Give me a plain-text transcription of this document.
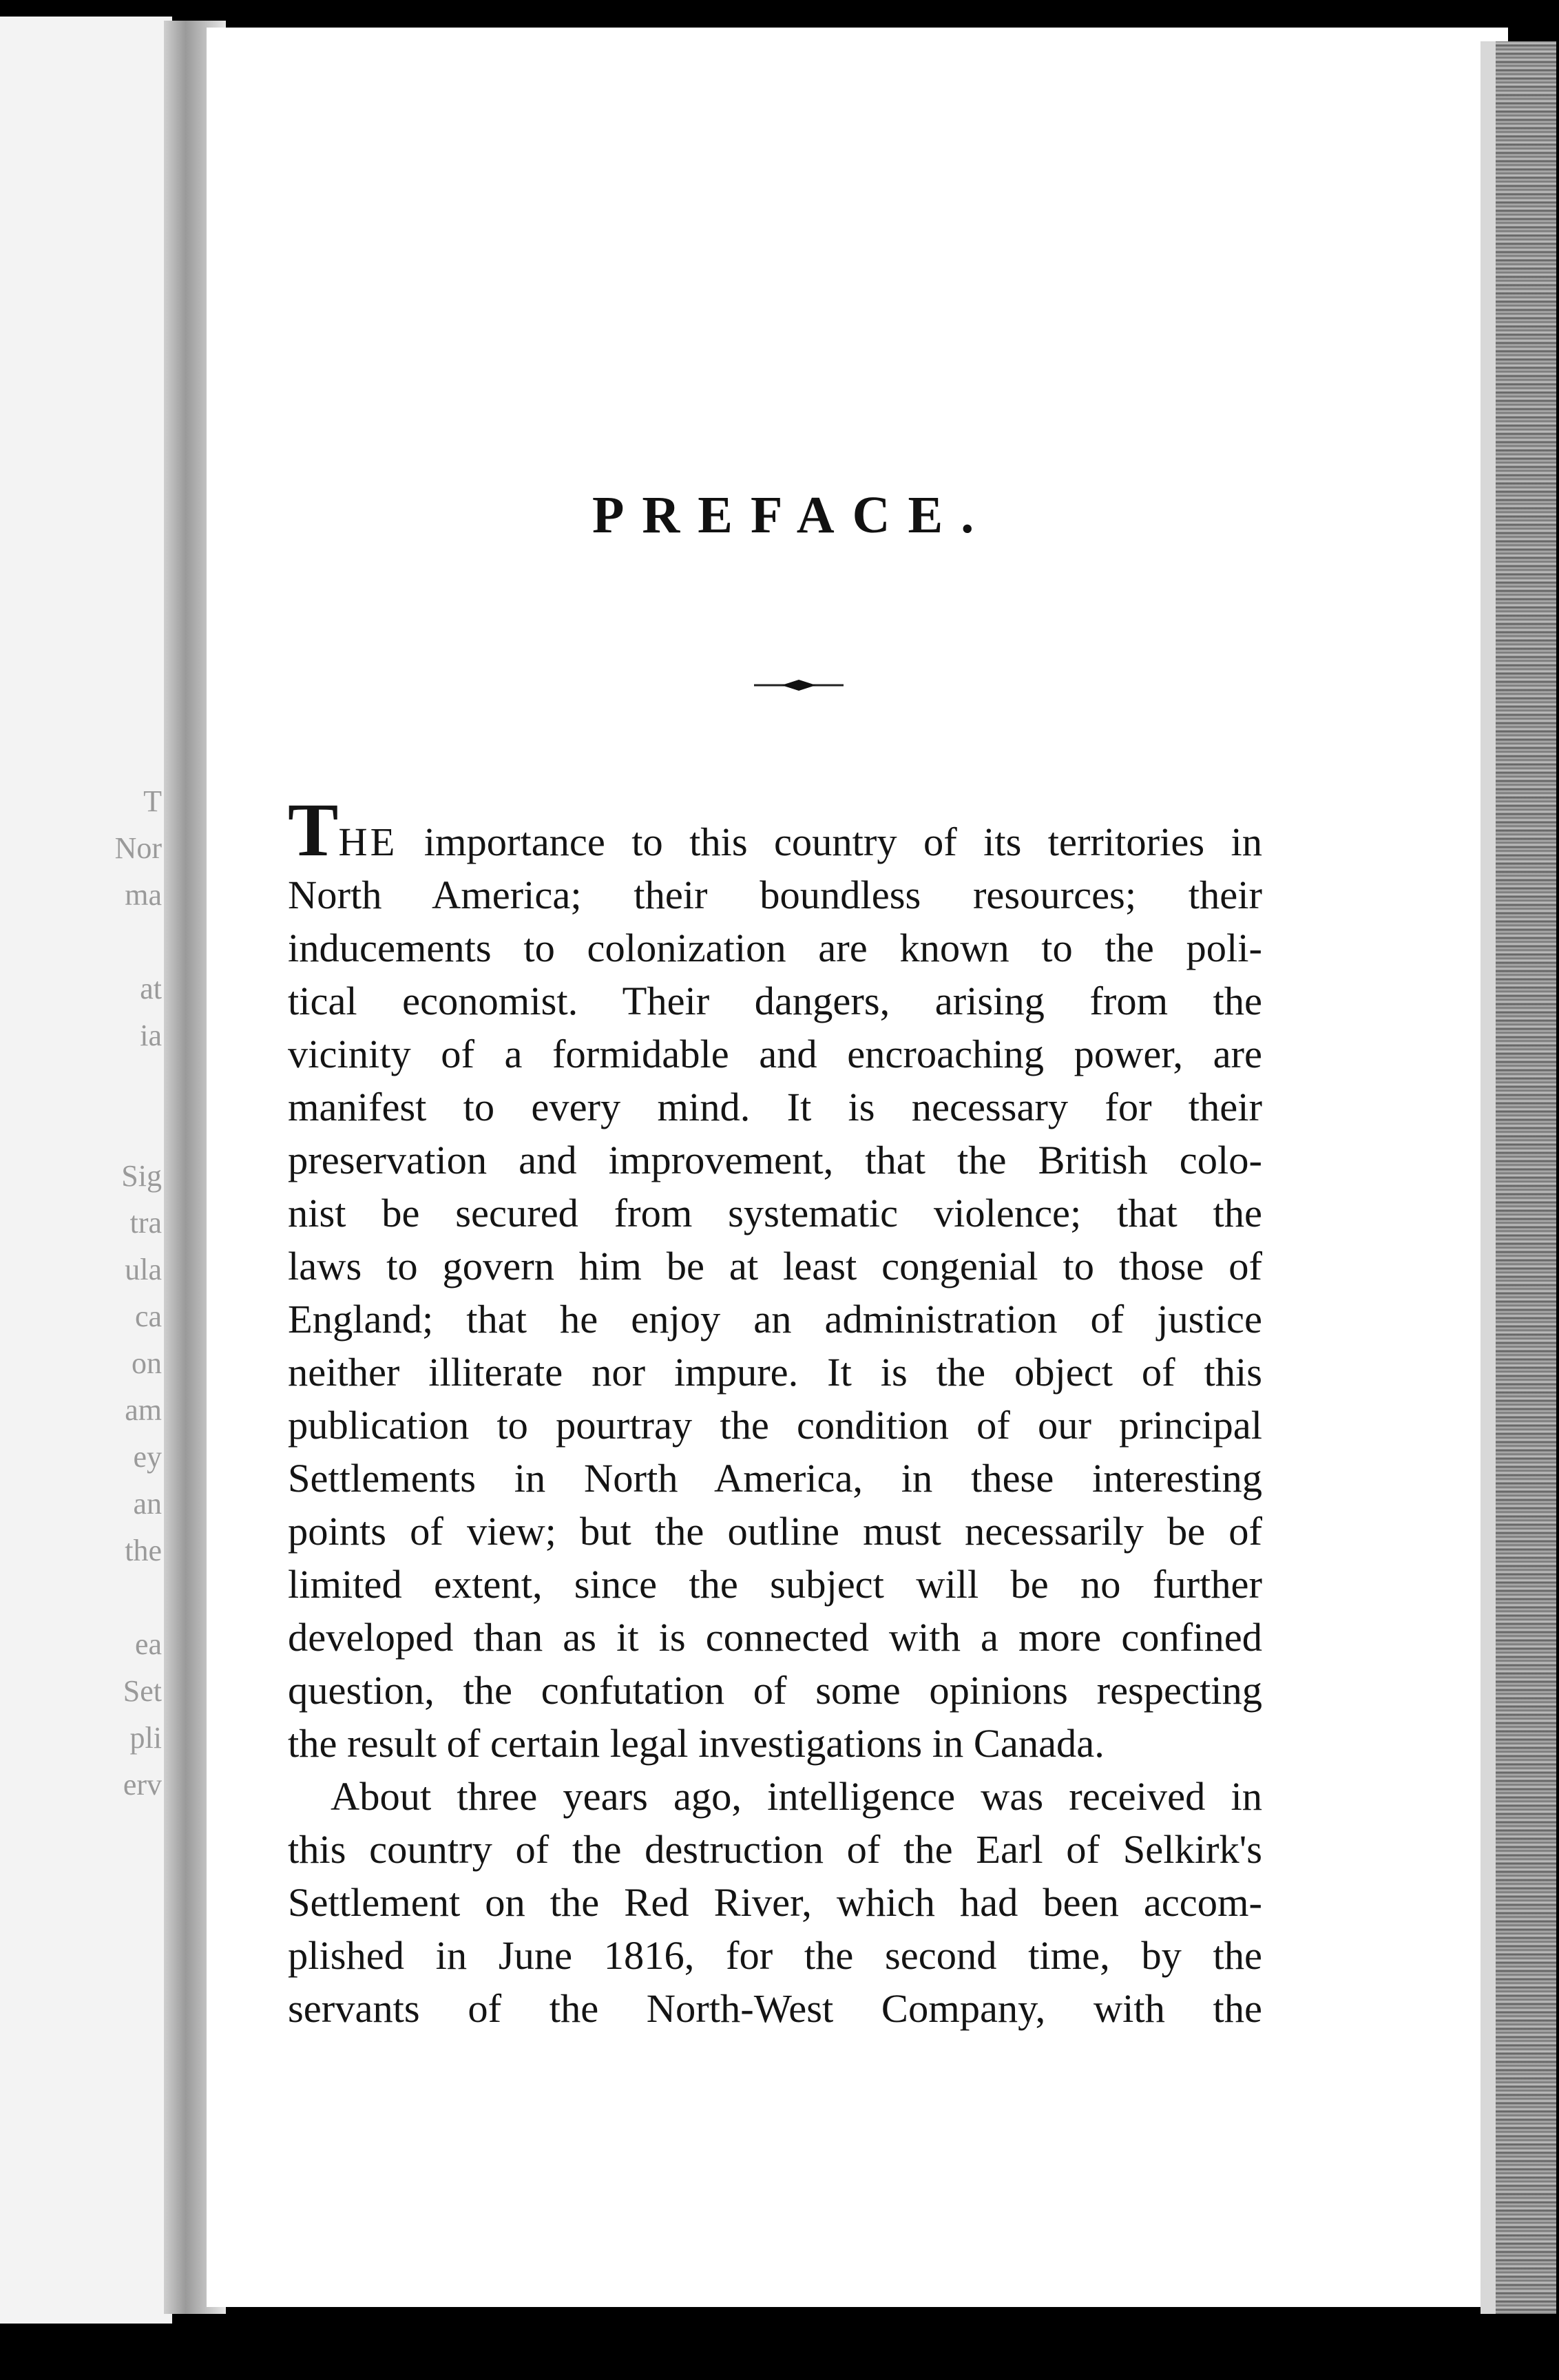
T
Nor
ma
at
ia
Sig
tra
ula
ca
on
am
ey
an
the
ea
Set
pli
erv
PREFACE.

THE importance to this country of its territories in
North America; their boundless resources; their
inducements to colonization are known to the poli-
tical economist. Their dangers, arising from the
vicinity of a formidable and encroaching power, are
manifest to every mind. It is necessary for their
preservation and improvement, that the British colo-
nist be secured from systematic violence; that the
laws to govern him be at least congenial to those of
England; that he enjoy an administration of justice
neither illiterate nor impure. It is the object of this
publication to pourtray the condition of our principal
Settlements in North America, in these interesting
points of view; but the outline must necessarily be of
limited extent, since the subject will be no further
developed than as it is connected with a more confined
question, the confutation of some opinions respecting
the result of certain legal investigations in Canada.

About three years ago, intelligence was received in
this country of the destruction of the Earl of Selkirk's
Settlement on the Red River, which had been accom-
plished in June 1816, for the second time, by the
servants of the North-West Company, with the
